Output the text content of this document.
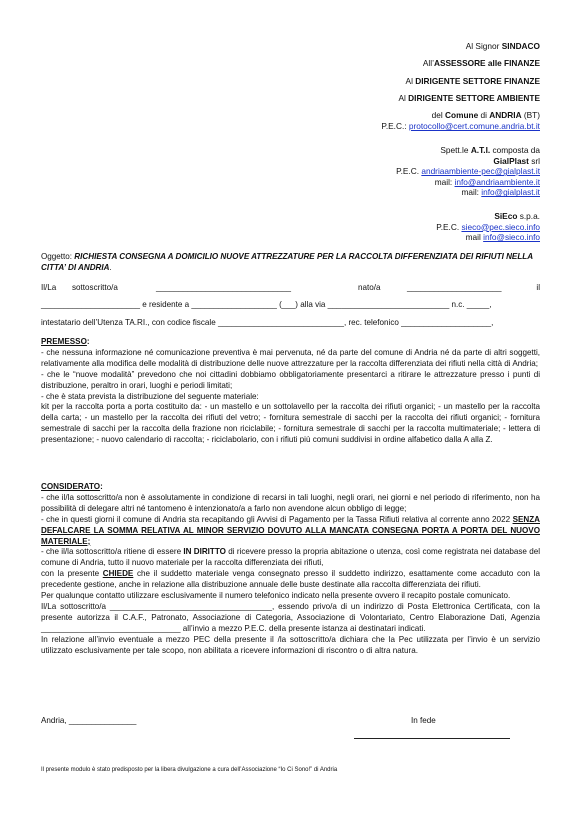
Al Signor SINDACO
All’ASSESSORE alle FINANZE
Al DIRIGENTE SETTORE FINANZE
Al DIRIGENTE SETTORE AMBIENTE
del Comune di ANDRIA (BT)
P.E.C.: protocollo@cert.comune.andria.bt.it
Spett.le A.T.I. composta da
GialPlast srl
P.E.C. andriaambiente-pec@gialplast.it
mail: info@andriaambiente.it
mail: info@gialplast.it
SiEco s.p.a.
P.E.C. sieco@pec.sieco.info
mail info@sieco.info
Oggetto: RICHIESTA CONSEGNA A DOMICILIO NUOVE ATTREZZATURE PER LA RACCOLTA DIFFERENZIATA DEI RIFIUTI NELLA CITTA’ DI ANDRIA.
Il/La sottoscritto/a	______________________________	nato/a	_____________________	il
______________________ e residente a ___________________ (___) alla via ___________________________ n.c. _____,
intestatario dell’Utenza TA.RI., con codice fiscale ____________________________, rec. telefonico ____________________,
PREMESSO:
- che nessuna informazione né comunicazione preventiva è mai pervenuta, né da parte del comune di Andria né da parte di altri soggetti, relativamente alla modifica delle modalità di distribuzione delle nuove attrezzature per la raccolta differenziata dei rifiuti nella città di Andria;
- che le “nuove modalità” prevedono che noi cittadini dobbiamo obbligatoriamente presentarci a ritirare le attrezzature presso i punti di distribuzione, peraltro in orari, luoghi e periodi limitati;
- che è stata prevista la distribuzione del seguente materiale:
kit per la raccolta porta a porta costituito da: - un mastello e un sottolavello per la raccolta dei rifiuti organici; - un mastello per la raccolta della carta; - un mastello per la raccolta dei rifiuti del vetro; - fornitura semestrale di sacchi per la raccolta dei rifiuti organici; - fornitura semestrale di sacchi per la raccolta della frazione non riciclabile; - fornitura semestrale di sacchi per la raccolta multimateriale; - lettera di presentazione; - nuovo calendario di raccolta; - riciclabolario, con i rifiuti più comuni suddivisi in ordine alfabetico dalla A alla Z.
CONSIDERATO:
- che il/la sottoscritto/a non è assolutamente in condizione di recarsi in tali luoghi, negli orari, nei giorni e nel periodo di riferimento, non ha possibilità di delegare altri né tantomeno è intenzionato/a a farlo non avendone alcun obbligo di legge;
- che in questi giorni il comune di Andria sta recapitando gli Avvisi di Pagamento per la Tassa Rifiuti relativa al corrente anno 2022 SENZA DEFALCARE LA SOMMA RELATIVA AL MINOR SERVIZIO DOVUTO ALLA MANCATA CONSEGNA PORTA A PORTA DEL NUOVO MATERIALE;
- che il/la sottoscritto/a ritiene di essere IN DIRITTO di ricevere presso la propria abitazione o utenza, così come registrata nei database del comune di Andria, tutto il nuovo materiale per la raccolta differenziata dei rifiuti,
con la presente CHIEDE che il suddetto materiale venga consegnato presso il suddetto indirizzo, esattamente come accaduto con la precedente gestione, anche in relazione alla distribuzione annuale delle buste destinate alla raccolta differenziata dei rifiuti.
Per qualunque contatto utilizzare esclusivamente il numero telefonico indicato nella presente ovvero il recapito postale comunicato.
Il/La sottoscritto/a ____________________________________, essendo privo/a di un indirizzo di Posta Elettronica Certificata, con la presente autorizza il C.A.F., Patronato, Associazione di Categoria, Associazione di Volontariato, Centro Elaborazione Dati, Agenzia _______________________________ all’invio a mezzo P.E.C. della presente istanza ai destinatari indicati.
In relazione all’invio eventuale a mezzo PEC della presente il /la sottoscritto/a dichiara che la Pec utilizzata per l’invio è un servizio utilizzato esclusivamente per tale scopo, non abilitata a ricevere informazioni di riscontro o di altra natura.
Andria, _______________	In fede
Il presente modulo è stato predisposto per la libera divulgazione a cura dell’Associazione “Io Ci Sono!” di Andria
